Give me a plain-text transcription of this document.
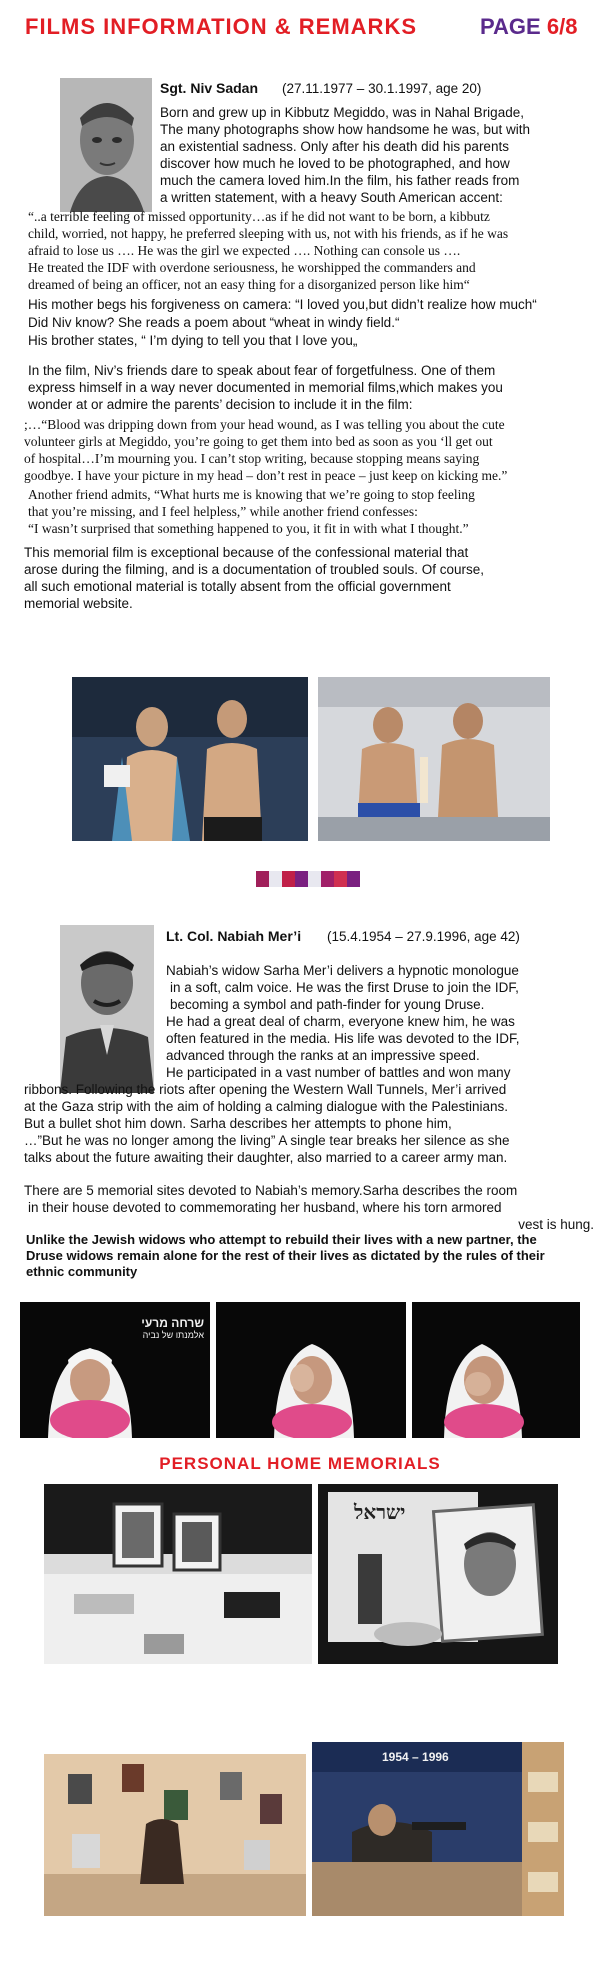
FILMS INFORMATION & REMARKS	PAGE 6/8
Sgt. Niv Sadan (27.11.1977 – 30.1.1997, age 20)
Born and grew up in Kibbutz Megiddo, was in Nahal Brigade,
The many photographs show how handsome he was, but with
an existential sadness. Only after his death did his parents
discover how much he loved to be photographed, and how
much the camera loved him.In the film, his father reads from
a written statement, with a heavy South American accent:
“..a terrible feeling of missed opportunity…as if he did not want to be born, a kibbutz
child, worried, not happy, he preferred sleeping with us, not with his friends, as if he was
afraid to lose us …. He was the girl we expected …. Nothing can console us ….
He treated the IDF with overdone seriousness, he worshipped the commanders and
dreamed of being an officer, not an easy thing for a disorganized person like him“
His mother begs his forgiveness on camera: “I loved you,but didn’t realize how much“
Did Niv know? She reads a poem about “wheat in windy field.“
His brother states, “ I’m dying to tell you that I love you„
In the film, Niv’s friends dare to speak about fear of forgetfulness. One of them
express himself in a way never documented in memorial films,which makes you
wonder at or admire the parents’ decision to include it in the film:
;…“Blood was dripping down from your head wound, as I was telling you about the cute
volunteer girls at Megiddo, you’re going to get them into bed as soon as you ‘ll get out
of hospital…I’m mourning you. I can’t stop writing, because stopping means saying
goodbye. I have your picture in my head – don’t rest in peace – just keep on kicking me.”
Another friend admits, “What hurts me is knowing that we’re going to stop feeling
that you’re missing, and I feel helpless,” while another friend confesses:
“I wasn’t surprised that something happened to you, it fit in with what I thought.”
This memorial film is exceptional because of the confessional material that
arose during the filming, and is a documentation of troubled souls. Of course,
all such emotional material is totally absent from the official government
memorial website.
Lt. Col. Nabiah Mer’i (15.4.1954 – 27.9.1996, age 42)
Nabiah’s widow Sarha Mer’i delivers a hypnotic monologue
in a soft, calm voice. He was the first Druse to join the IDF,
becoming a symbol and path-finder for young Druse.
He had a great deal of charm, everyone knew him, he was
often featured in the media. His life was devoted to the IDF,
advanced through the ranks at an impressive speed.
He participated in a vast number of battles and won many
ribbons. Following the riots after opening the Western Wall Tunnels, Mer’i arrived
at the Gaza strip with the aim of holding a calming dialogue with the Palestinians.
But a bullet shot him down. Sarha describes her attempts to phone him,
…”But he was no longer among the living” A single tear breaks her silence as she
talks about the future awaiting their daughter, also married to a career army man.
There are 5 memorial sites devoted to Nabiah’s memory.Sarha describes the room
in their house devoted to commemorating her husband, where his torn armored
vest is hung.
Unlike the Jewish widows who attempt to rebuild their lives with a new partner, the
Druse widows remain alone for the rest of their lives as dictated by the rules of their
ethnic community
שרחה מרעי
אלמנתו של נביה
PERSONAL HOME MEMORIALS
ישראל
1954 – 1996
